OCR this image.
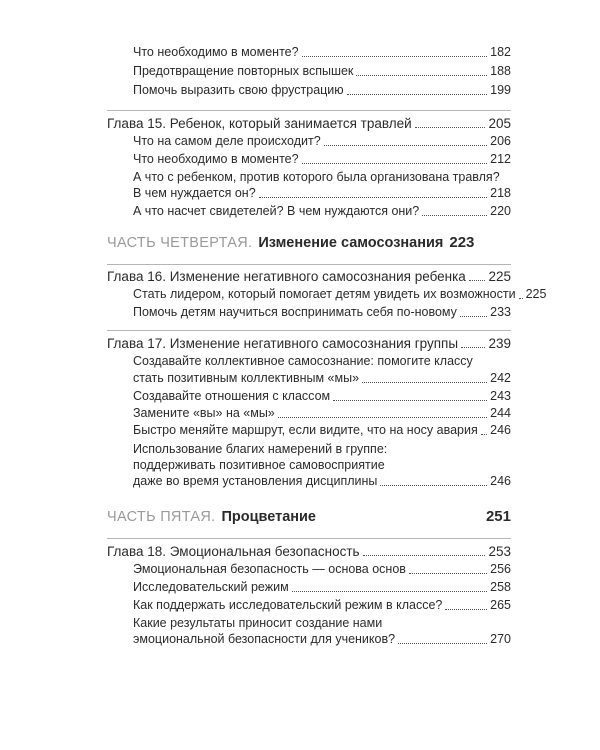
Что необходимо в моменте?	182
Предотвращение повторных вспышек	188
Помочь выразить свою фрустрацию	199
Глава 15. Ребенок, который занимается травлей	205
Что на самом деле происходит?	206
Что необходимо в моменте?	212
А что с ребенком, против которого была организована травля?
В чем нуждается он?	218
А что насчет свидетелей? В чем нуждаются они?	220
ЧАСТЬ ЧЕТВЕРТАЯ. Изменение самосознания 223
Глава 16. Изменение негативного самосознания ребенка 225
Стать лидером, который помогает детям увидеть их возможности 225
Помочь детям научиться воспринимать себя по-новому	233
Глава 17. Изменение негативного самосознания группы 239
Создавайте коллективное самосознание: помогите классу
стать позитивным коллективным «мы»	242
Создавайте отношения с классом	243
Замените «вы» на «мы»	244
Быстро меняйте маршрут, если видите, что на носу авария 246
Использование благих намерений в группе:
поддерживать позитивное самовосприятие
даже во время установления дисциплины	246
ЧАСТЬ ПЯТАЯ. Процветание	251
Глава 18. Эмоциональная безопасность	253
Эмоциональная безопасность — основа основ	256
Исследовательский режим	258
Как поддержать исследовательский режим в классе?	265
Какие результаты приносит создание нами
эмоциональной безопасности для учеников?	270
